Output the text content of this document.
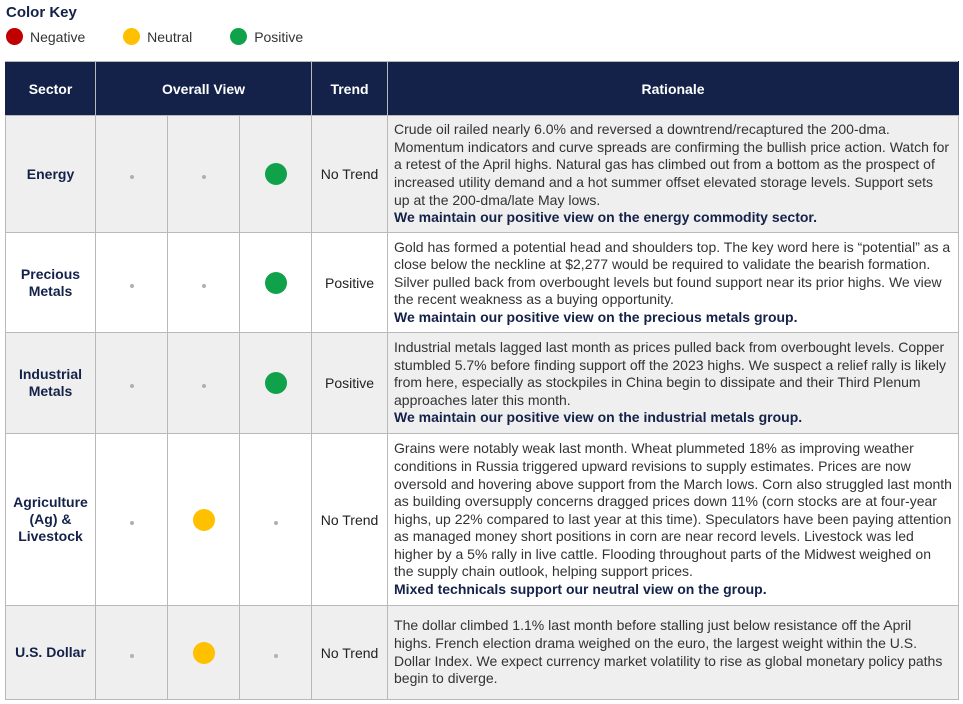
Color Key
Negative
	Neutral
	Positive
Sector	Overall View			Trend	Rationale
Energy				No Trend	Crude oil railed nearly 6.0% and reversed a downtrend/recaptured the 200-dma. Momentum indicators and curve spreads are confirming the bullish price action. Watch for a retest of the April highs. Natural gas has climbed out from a bottom as the prospect of increased utility demand and a hot summer offset elevated storage levels. Support sets up at the 200-dma/late May lows.
We maintain our positive view on the energy commodity sector.

Precious Metals				Positive	Gold has formed a potential head and shoulders top. The key word here is “potential” as a close below the neckline at $2,277 would be required to validate the bearish formation. Silver pulled back from overbought levels but found support near its prior highs. We view the recent weakness as a buying opportunity.
We maintain our positive view on the precious metals group.

Industrial Metals				Positive	Industrial metals lagged last month as prices pulled back from overbought levels. Copper stumbled 5.7% before finding support off the 2023 highs. We suspect a relief rally is likely from here, especially as stockpiles in China begin to dissipate and their Third Plenum approaches later this month.
We maintain our positive view on the industrial metals group.

Agriculture (Ag) & Livestock				No Trend	Grains were notably weak last month. Wheat plummeted 18% as improving weather conditions in Russia triggered upward revisions to supply estimates. Prices are now oversold and hovering above support from the March lows. Corn also struggled last month as building oversupply concerns dragged prices down 11% (corn stocks are at four-year highs, up 22% compared to last year at this time). Speculators have been paying attention as managed money short positions in corn are near record levels. Livestock was led higher by a 5% rally in live cattle. Flooding throughout parts of the Midwest weighed on the supply chain outlook, helping support prices.
Mixed technicals support our neutral view on the group.

U.S. Dollar				No Trend	The dollar climbed 1.1% last month before stalling just below resistance off the April highs. French election drama weighed on the euro, the largest weight within the U.S. Dollar Index. We expect currency market volatility to rise as global monetary policy paths begin to diverge.
